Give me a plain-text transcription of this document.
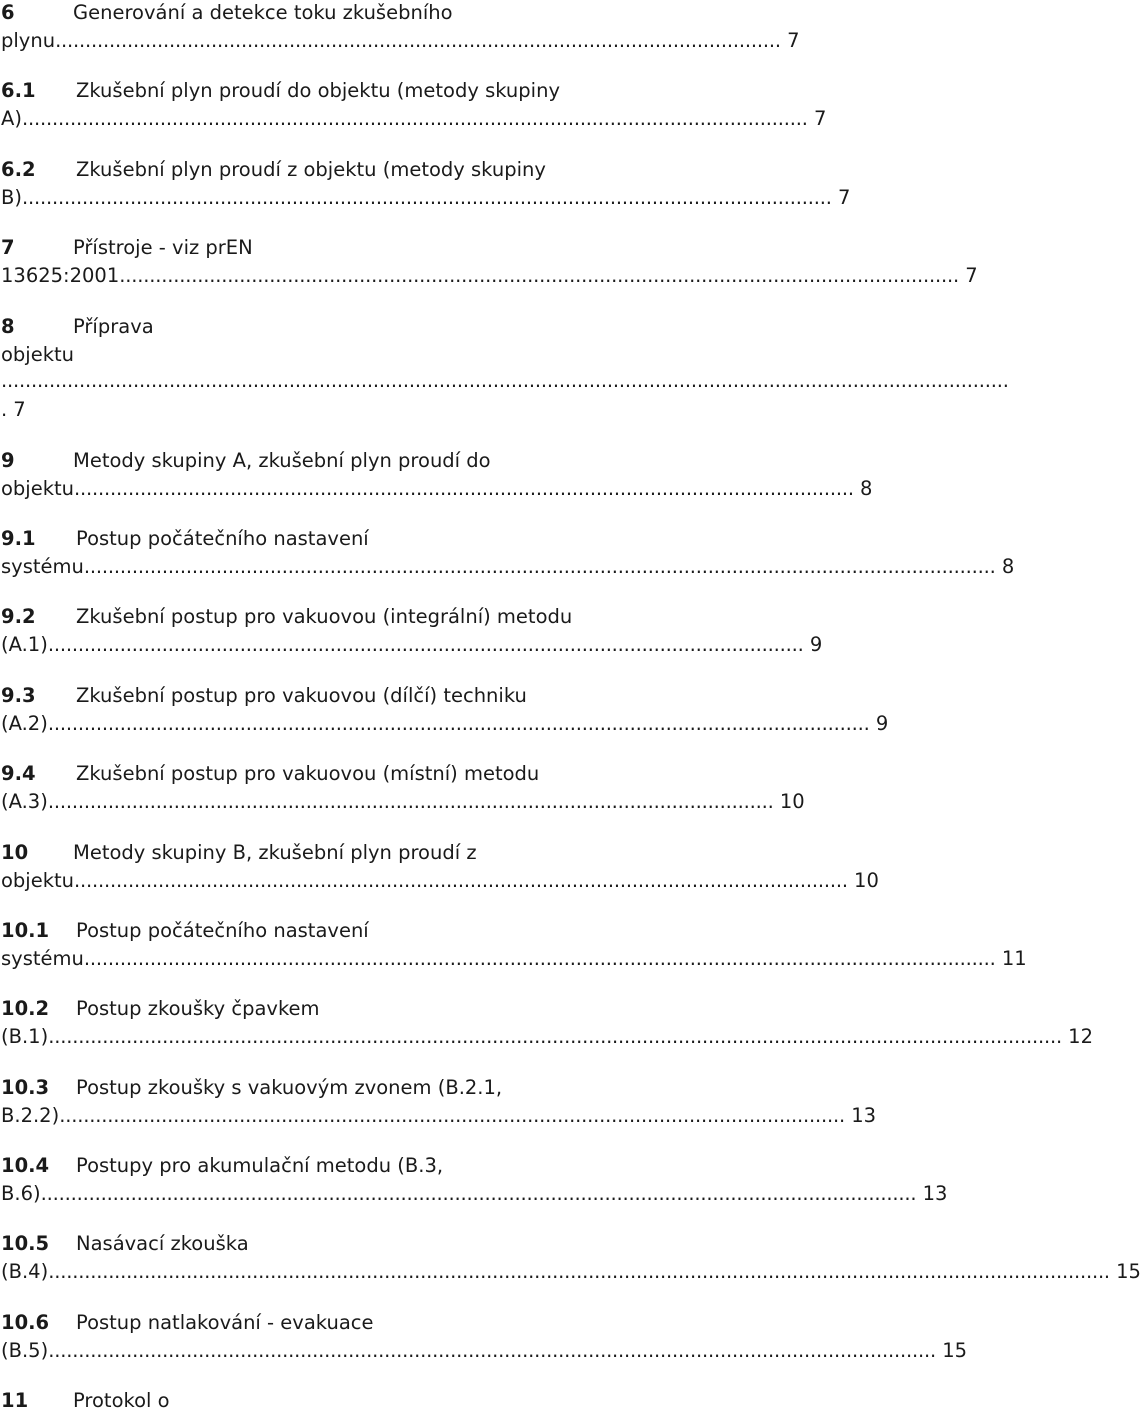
6	Generování a detekce toku zkušebního
plynu......................................................................................................................... 7
6.1 Zkušební plyn proudí do objektu (metody skupiny
A)................................................................................................................................... 7
6.2 Zkušební plyn proudí z objektu (metody skupiny
B)....................................................................................................................................... 7
7	Přístroje - viz prEN
13625:2001............................................................................................................................................ 7
8	Příprava
objektu
........................................................................................................................................................................
. 7
9	Metody skupiny A, zkušební plyn proudí do
objektu.................................................................................................................................. 8
9.1 Postup počátečního nastavení
systému........................................................................................................................................................ 8
9.2 Zkušební postup pro vakuovou (integrální) metodu
(A.1).............................................................................................................................. 9
9.3 Zkušební postup pro vakuovou (dílčí) techniku
(A.2)......................................................................................................................................... 9
9.4 Zkušební postup pro vakuovou (místní) metodu
(A.3)......................................................................................................................... 10
10 Metody skupiny B, zkušební plyn proudí z
objektu................................................................................................................................. 10
10.1 Postup počátečního nastavení
systému........................................................................................................................................................ 11
10.2 Postup zkoušky čpavkem
(B.1)......................................................................................................................................................................... 12
10.3 Postup zkoušky s vakuovým zvonem (B.2.1,
B.2.2)................................................................................................................................... 13
10.4 Postupy pro akumulační metodu (B.3,
B.6).................................................................................................................................................. 13
10.5 Nasávací zkouška
(B.4)................................................................................................................................................................................. 15
10.6 Postup natlakování - evakuace
(B.5).................................................................................................................................................... 15
11 Protokol o
